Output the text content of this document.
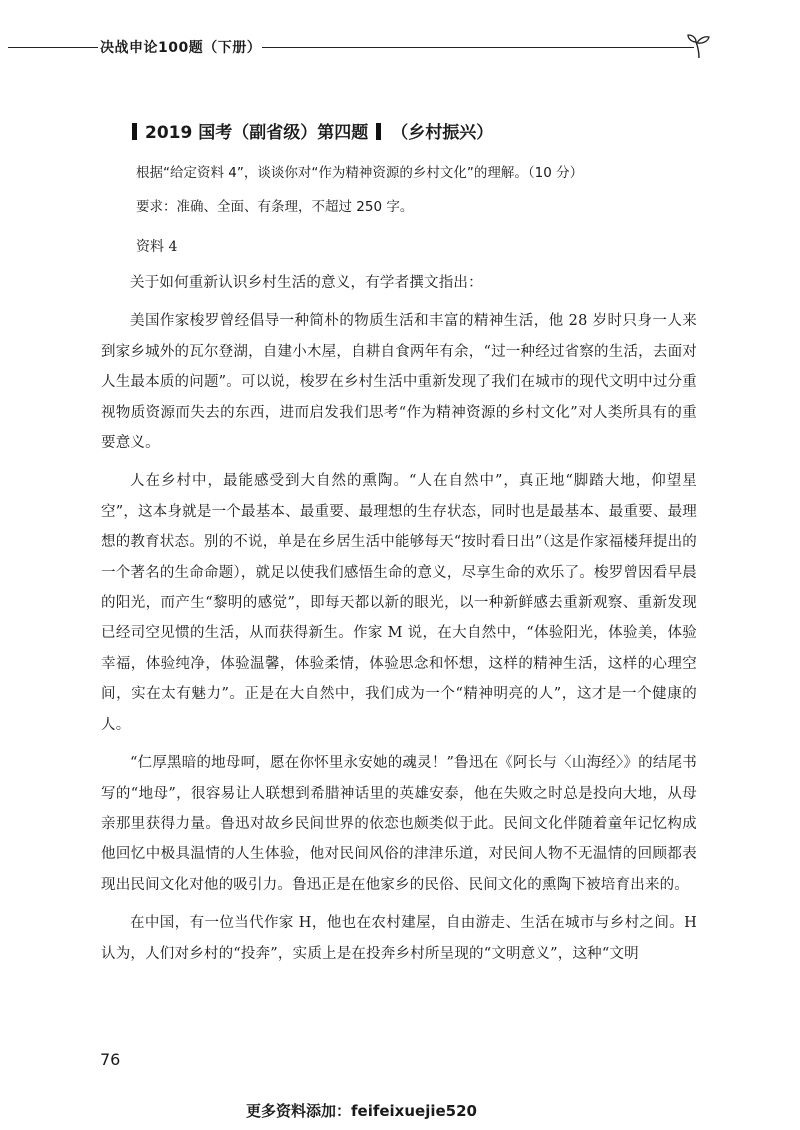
决战申论100题（下册）
2019 国考（副省级）第四题 （乡村振兴）
根据“给定资料 4”，谈谈你对“作为精神资源的乡村文化”的理解。（10 分）
要求：准确、全面、有条理，不超过 250 字。
资料 4

关于如何重新认识乡村生活的意义，有学者撰文指出：

美国作家梭罗曾经倡导一种简朴的物质生活和丰富的精神生活，他 28 岁时只身一人来到家乡城外的瓦尔登湖，自建小木屋，自耕自食两年有余，“过一种经过省察的生活，去面对人生最本质的问题”。可以说，梭罗在乡村生活中重新发现了我们在城市的现代文明中过分重视物质资源而失去的东西，进而启发我们思考“作为精神资源的乡村文化”对人类所具有的重要意义。

人在乡村中，最能感受到大自然的熏陶。“人在自然中”，真正地“脚踏大地，仰望星空”，这本身就是一个最基本、最重要、最理想的生存状态，同时也是最基本、最重要、最理想的教育状态。别的不说，单是在乡居生活中能够每天“按时看日出”（这是作家福楼拜提出的一个著名的生命命题），就足以使我们感悟生命的意义，尽享生命的欢乐了。梭罗曾因看早晨的阳光，而产生“黎明的感觉”，即每天都以新的眼光，以一种新鲜感去重新观察、重新发现已经司空见惯的生活，从而获得新生。作家 M 说，在大自然中，“体验阳光，体验美，体验幸福，体验纯净，体验温馨，体验柔情，体验思念和怀想，这样的精神生活，这样的心理空间，实在太有魅力”。正是在大自然中，我们成为一个“精神明亮的人”，这才是一个健康的人。

“仁厚黑暗的地母呵，愿在你怀里永安她的魂灵！”鲁迅在《阿长与〈山海经〉》的结尾书写的“地母”，很容易让人联想到希腊神话里的英雄安泰，他在失败之时总是投向大地，从母亲那里获得力量。鲁迅对故乡民间世界的依恋也颇类似于此。民间文化伴随着童年记忆构成他回忆中极具温情的人生体验，他对民间风俗的津津乐道，对民间人物不无温情的回顾都表现出民间文化对他的吸引力。鲁迅正是在他家乡的民俗、民间文化的熏陶下被培育出来的。

在中国，有一位当代作家 H，他也在农村建屋，自由游走、生活在城市与乡村之间。H 认为，人们对乡村的“投奔”，实质上是在投奔乡村所呈现的“文明意义”，这种“文明

76
更多资料添加：feifeixuejie520
